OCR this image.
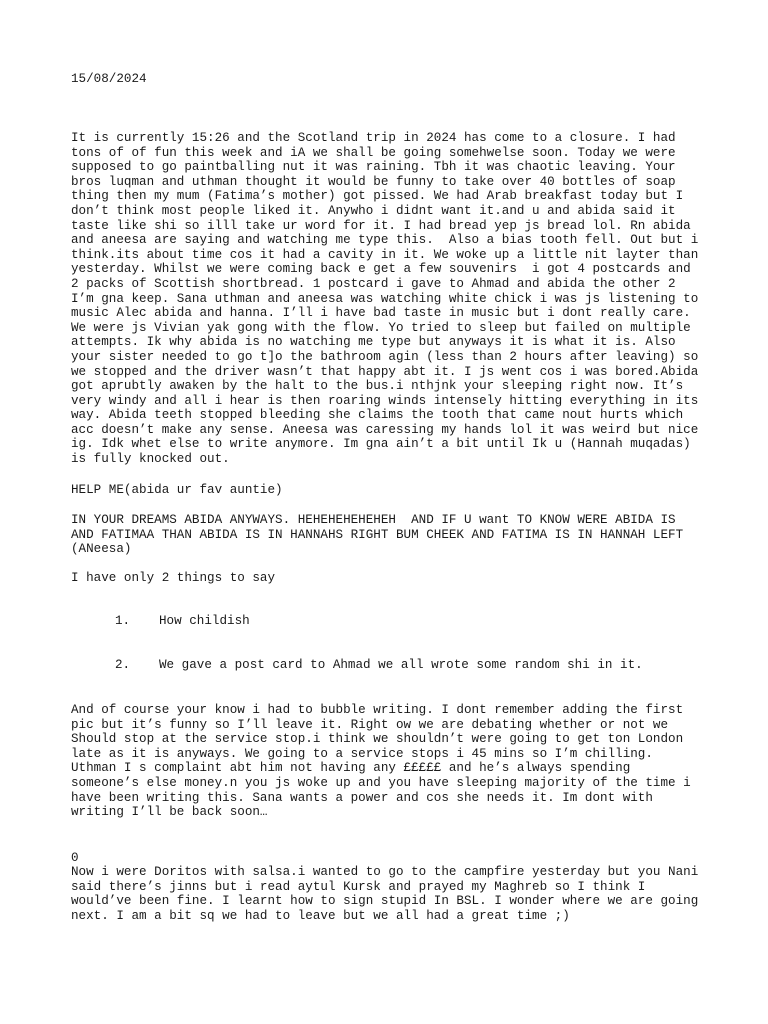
15/08/2024
It is currently 15:26 and the Scotland trip in 2024 has come to a closure. I had
tons of of fun this week and iA we shall be going somehwelse soon. Today we were
supposed to go paintballing nut it was raining. Tbh it was chaotic leaving. Your
bros luqman and uthman thought it would be funny to take over 40 bottles of soap
thing then my mum (Fatima’s mother) got pissed. We had Arab breakfast today but I
don’t think most people liked it. Anywho i didnt want it.and u and abida said it
taste like shi so illl take ur word for it. I had bread yep js bread lol. Rn abida
and aneesa are saying and watching me type this.  Also a bias tooth fell. Out but i
think.its about time cos it had a cavity in it. We woke up a little nit layter than
yesterday. Whilst we were coming back e get a few souvenirs  i got 4 postcards and
2 packs of Scottish shortbread. 1 postcard i gave to Ahmad and abida the other 2
I’m gna keep. Sana uthman and aneesa was watching white chick i was js listening to
music Alec abida and hanna. I’ll i have bad taste in music but i dont really care.
We were js Vivian yak gong with the flow. Yo tried to sleep but failed on multiple
attempts. Ik why abida is no watching me type but anyways it is what it is. Also
your sister needed to go t]o the bathroom agin (less than 2 hours after leaving) so
we stopped and the driver wasn’t that happy abt it. I js went cos i was bored.Abida
got aprubtly awaken by the halt to the bus.i nthjnk your sleeping right now. It’s
very windy and all i hear is then roaring winds intensely hitting everything in its
way. Abida teeth stopped bleeding she claims the tooth that came nout hurts which
acc doesn’t make any sense. Aneesa was caressing my hands lol it was weird but nice
ig. Idk whet else to write anymore. Im gna ain’t a bit until Ik u (Hannah muqadas)
is fully knocked out.
HELP ME(abida ur fav auntie)
IN YOUR DREAMS ABIDA ANYWAYS. HEHEHEHEHEHEH  AND IF U want TO KNOW WERE ABIDA IS
AND FATIMAA THAN ABIDA IS IN HANNAHS RIGHT BUM CHEEK AND FATIMA IS IN HANNAH LEFT
(ANeesa)
I have only 2 things to say

1. How childish

2. We gave a post card to Ahmad we all wrote some random shi in it.

And of course your know i had to bubble writing. I dont remember adding the first
pic but it’s funny so I’ll leave it. Right ow we are debating whether or not we
Should stop at the service stop.i think we shouldn’t were going to get ton London
late as it is anyways. We going to a service stops i 45 mins so I’m chilling.
Uthman I s complaint abt him not having any £££££ and he’s always spending
someone’s else money.n you js woke up and you have sleeping majority of the time i
have been writing this. Sana wants a power and cos she needs it. Im dont with
writing I’ll be back soon…
0
Now i were Doritos with salsa.i wanted to go to the campfire yesterday but you Nani
said there’s jinns but i read aytul Kursk and prayed my Maghreb so I think I
would’ve been fine. I learnt how to sign stupid In BSL. I wonder where we are going
next. I am a bit sq we had to leave but we all had a great time ;)
